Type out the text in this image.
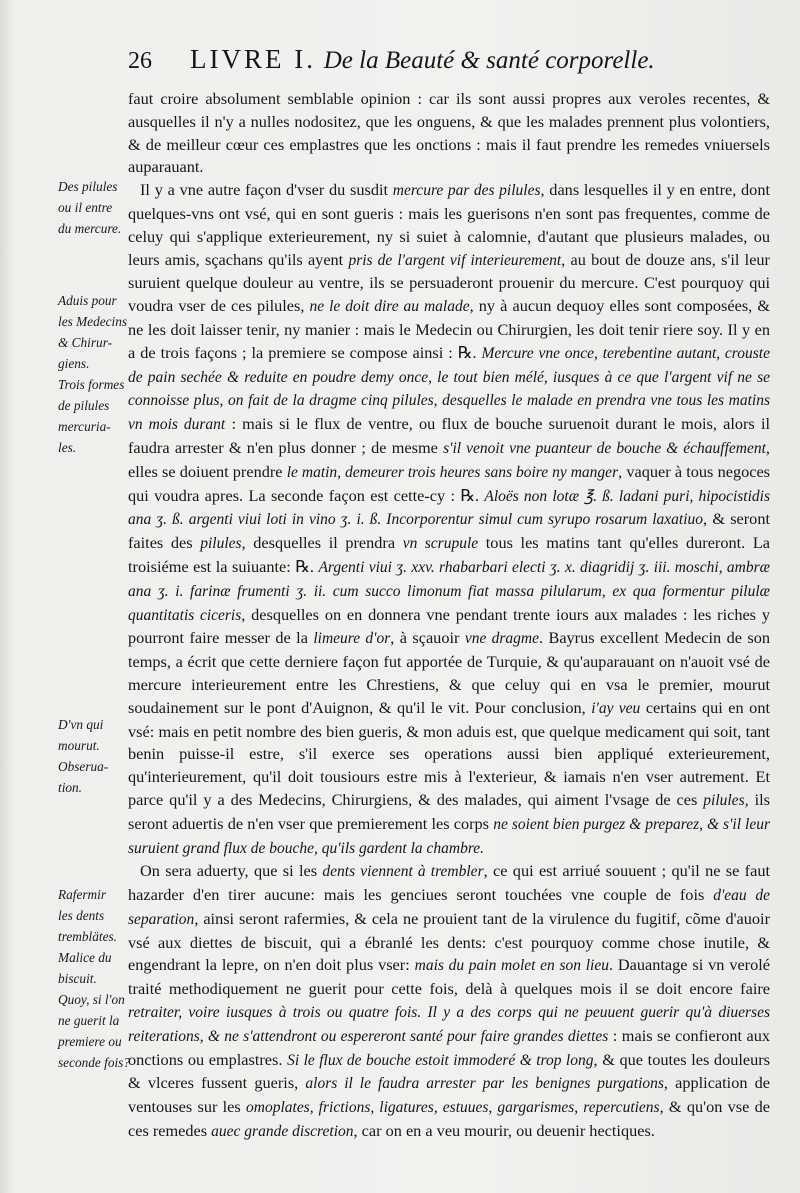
26 LIVRE I. De la Beauté & santé corporelle.
Des pilules
ou il entre
du mercure.
Aduis pour
les Medecins
& Chirur-
giens.
Trois formes
de pilules
mercuria-
les.
D'vn qui
mourut.
Obseruа-
tion.
Rafermir
les dents
tremblätes.
Malice du
biscuit.
Quoy, si l'on
ne guerit la
premiere ou
seconde fois?

faut croire absolument semblable opinion : car ils sont aussi propres aux veroles recentes, & ausquelles il n'y a nulles nodositez, que les onguens, & que les malades prennent plus volontiers, & de meilleur cœur ces emplastres que les onctions : mais il faut prendre les remedes vniuersels auparauant.

Il y a vne autre façon d'vser du susdit mercure par des pilules, dans lesquelles il y en entre, dont quelques-vns ont vsé, qui en sont gueris : mais les guerisons n'en sont pas frequentes, comme de celuy qui s'applique exterieurement, ny si suiet à calomnie, d'autant que plusieurs malades, ou leurs amis, sçachans qu'ils ayent pris de l'argent vif interieurement, au bout de douze ans, s'il leur suruient quelque douleur au ventre, ils se persuaderont prouenir du mercure. C'est pourquoy qui voudra vser de ces pilules, ne le doit dire au malade, ny à aucun dequoy elles sont composées, & ne les doit laisser tenir, ny manier : mais le Medecin ou Chirurgien, les doit tenir riere soy. Il y en a de trois façons ; la premiere se compose ainsi : ℞. Mercure vne once, terebentine autant, crouste de pain sechée & reduite en poudre demy once, le tout bien mélé, iusques à ce que l'argent vif ne se connoisse plus, on fait de la dragme cinq pilules, desquelles le malade en prendra vne tous les matins vn mois durant : mais si le flux de ventre, ou flux de bouche suruenoit durant le mois, alors il faudra arrester & n'en plus donner ; de mesme s'il venoit vne puanteur de bouche & échauffement, elles se doiuent prendre le matin, demeurer trois heures sans boire ny manger, vaquer à tous negoces qui voudra apres. La seconde façon est cette-cy : ℞. Aloës non lotæ ℥. ß. ladani puri, hipocistidis ana ʒ. ß. argenti viui loti in vino ʒ. i. ß. Incorporentur simul cum syrupo rosarum laxatiuo, & seront faites des pilules, desquelles il prendra vn scrupule tous les matins tant qu'elles dureront. La troisiéme est la suiuante: ℞. Argenti viui ʒ. xxv. rhabarbari electi ʒ. x. diagridij ʒ. iii. moschi, ambræ ana ʒ. i. farinæ frumenti ʒ. ii. cum succo limonum fiat massa pilularum, ex qua formentur pilulæ quantitatis ciceris, desquelles on en donnera vne pendant trente iours aux malades : les riches y pourront faire messer de la limeure d'or, à sçauoir vne dragme. Bayrus excellent Medecin de son temps, a écrit que cette derniere façon fut apportée de Turquie, & qu'auparauant on n'auoit vsé de mercure interieurement entre les Chrestiens, & que celuy qui en vsa le premier, mourut soudainement sur le pont d'Auignon, & qu'il le vit. Pour conclusion, i'ay veu certains qui en ont vsé: mais en petit nombre des bien gueris, & mon aduis est, que quelque medicament qui soit, tant benin puisse-il estre, s'il exerce ses operations aussi bien appliqué exterieurement, qu'interieurement, qu'il doit tousiours estre mis à l'exterieur, & iamais n'en vser autrement. Et parce qu'il y a des Medecins, Chirurgiens, & des malades, qui aiment l'vsage de ces pilules, ils seront aduertis de n'en vser que premierement les corps ne soient bien purgez & preparez, & s'il leur suruient grand flux de bouche, qu'ils gardent la chambre.

On sera aduerty, que si les dents viennent à trembler, ce qui est arriué souuent ; qu'il ne se faut hazarder d'en tirer aucune: mais les genciues seront touchées vne couple de fois d'eau de separation, ainsi seront rafermies, & cela ne prouient tant de la virulence du fugitif, cõme d'auoir vsé aux diettes de biscuit, qui a ébranlé les dents: c'est pourquoy comme chose inutile, & engendrant la lepre, on n'en doit plus vser: mais du pain molet en son lieu. Dauantage si vn verolé traité methodiquement ne guerit pour cette fois, delà à quelques mois il se doit encore faire retraiter, voire iusques à trois ou quatre fois. Il y a des corps qui ne peuuent guerir qu'à diuerses reiterations, & ne s'attendront ou espereront santé pour faire grandes diettes : mais se confieront aux onctions ou emplastres. Si le flux de bouche estoit immoderé & trop long, & que toutes les douleurs & vlceres fussent gueris, alors il le faudra arrester par les benignes purgations, application de ventouses sur les omoplates, frictions, ligatures, estuues, gargarismes, repercutiens, & qu'on vse de ces remedes auec grande discretion, car on en a veu mourir, ou deuenir hectiques.
